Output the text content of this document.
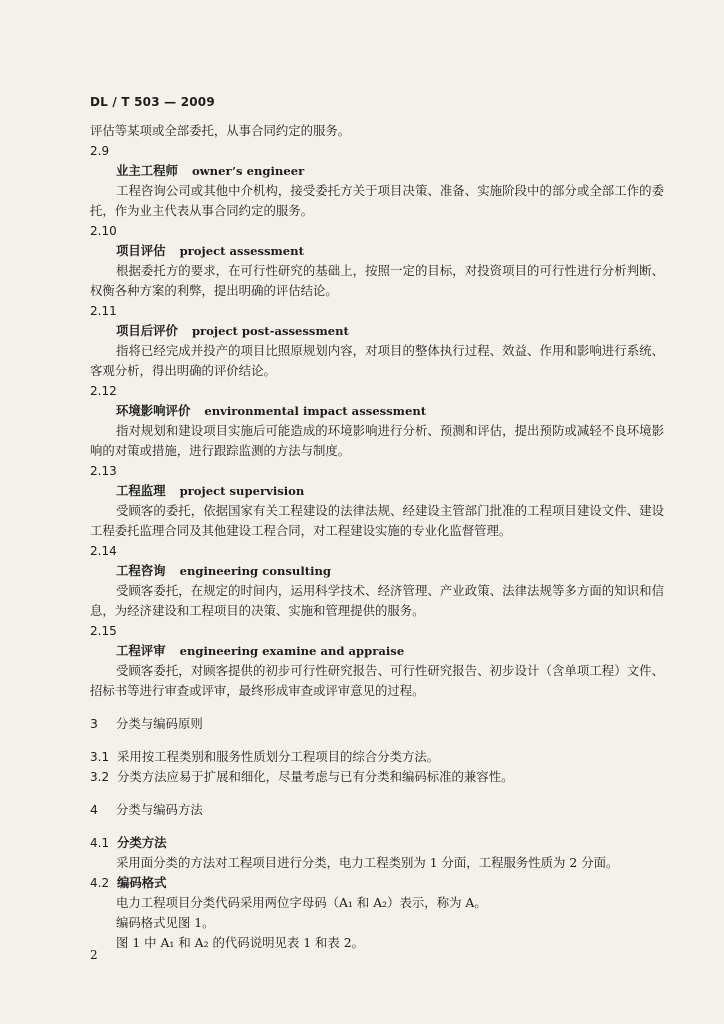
DL / T 503 — 2009

评估等某项或全部委托，从事合同约定的服务。

2.9

业主工程师 owner’s engineer

工程咨询公司或其他中介机构，接受委托方关于项目决策、准备、实施阶段中的部分或全部工作的委托，作为业主代表从事合同约定的服务。

2.10

项目评估 project assessment

根据委托方的要求，在可行性研究的基础上，按照一定的目标，对投资项目的可行性进行分析判断、权衡各种方案的利弊，提出明确的评估结论。

2.11

项目后评价 project post-assessment

指将已经完成并投产的项目比照原规划内容，对项目的整体执行过程、效益、作用和影响进行系统、客观分析，得出明确的评价结论。

2.12

环境影响评价 environmental impact assessment

指对规划和建设项目实施后可能造成的环境影响进行分析、预测和评估，提出预防或减轻不良环境影响的对策或措施，进行跟踪监测的方法与制度。

2.13

工程监理 project supervision

受顾客的委托，依据国家有关工程建设的法律法规、经建设主管部门批准的工程项目建设文件、建设工程委托监理合同及其他建设工程合同，对工程建设实施的专业化监督管理。

2.14

工程咨询 engineering consulting

受顾客委托，在规定的时间内，运用科学技术、经济管理、产业政策、法律法规等多方面的知识和信息，为经济建设和工程项目的决策、实施和管理提供的服务。

2.15

工程评审 engineering examine and appraise

受顾客委托，对顾客提供的初步可行性研究报告、可行性研究报告、初步设计（含单项工程）文件、招标书等进行审查或评审，最终形成审查或评审意见的过程。

3 分类与编码原则

3.1 采用按工程类别和服务性质划分工程项目的综合分类方法。

3.2 分类方法应易于扩展和细化，尽量考虑与已有分类和编码标准的兼容性。

4 分类与编码方法

4.1 分类方法

采用面分类的方法对工程项目进行分类，电力工程类别为 1 分面，工程服务性质为 2 分面。

4.2 编码格式

电力工程项目分类代码采用两位字母码（A₁ 和 A₂）表示，称为 A。

编码格式见图 1。

图 1 中 A₁ 和 A₂ 的代码说明见表 1 和表 2。

2
